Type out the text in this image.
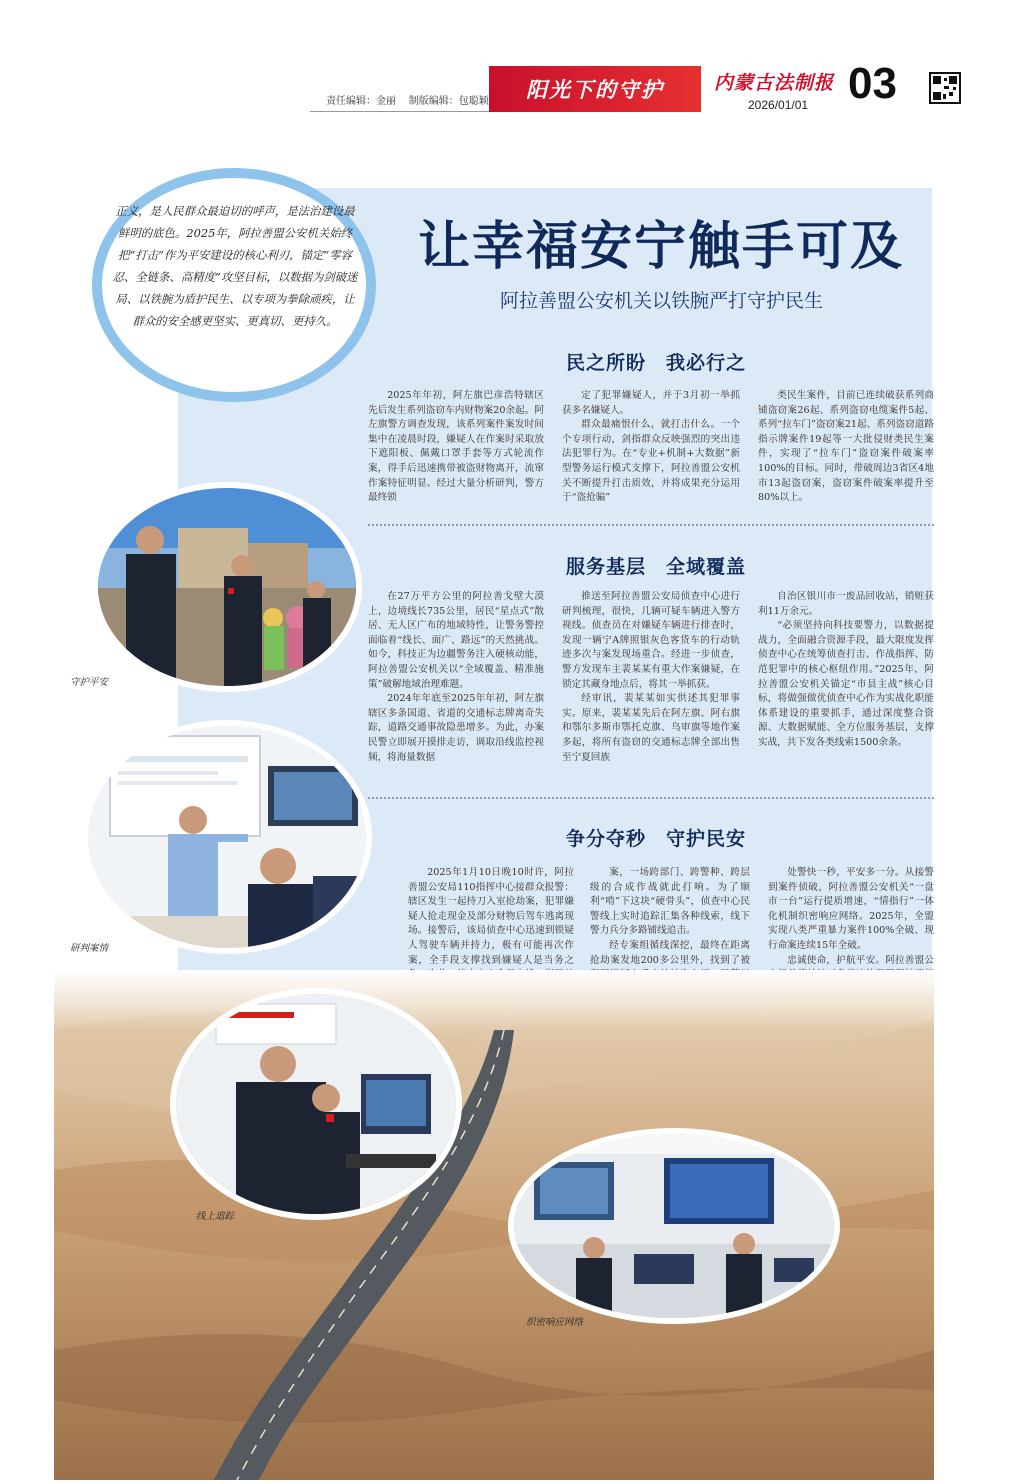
责任编辑：金丽　 制版编辑：包聪颖	阳光下的守护	内蒙古法制报
2026/01/01 03
正义，是人民群众最迫切的呼声，是法治建设最鲜明的底色。2025年，阿拉善盟公安机关始终把“打击”作为平安建设的核心利刃，锚定“零容忍、全链条、高精度”攻坚目标，以数据为剑破迷局、以铁腕为盾护民生、以专项为拳除顽疾，让群众的安全感更坚实、更真切、更持久。
让幸福安宁触手可及
阿拉善盟公安机关以铁腕严打守护民生
民之所盼　我必行之

2025年年初，阿左旗巴彦浩特辖区先后发生系列盗窃车内财物案20余起。阿左旗警方调查发现，该系列案件案发时间集中在凌晨时段，嫌疑人在作案时采取放下遮阳板、佩戴口罩手套等方式轮流作案，得手后迅速携带被盗财物离开，流窜作案特征明显。经过大量分析研判，警方最终锁

定了犯罪嫌疑人，并于3月初一举抓获多名嫌疑人。

群众最痛恨什么，就打击什么。一个个专项行动，剑指群众反映强烈的突出违法犯罪行为。在“专业+机制+大数据”新型警务运行模式支撑下，阿拉善盟公安机关不断提升打击质效，并将成果充分运用于“盗抢骗”

类民生案件，目前已连续破获系列商铺盗窃案26起、系列盗窃电缆案件5起、系列“拉车门”盗窃案21起、系列盗窃道路指示牌案件19起等一大批侵财类民生案件，实现了“拉车门”盗窃案件破案率100%的目标。同时，带破周边3省区4地市13起盗窃案，盗窃案件破案率提升至80%以上。

服务基层　全域覆盖

在27万平方公里的阿拉善戈壁大漠上，边境线长735公里，居民“星点式”散居、无人区广布的地域特性，让警务警控面临着“线长、面广、路远”的天然挑战。如今，科技正为边疆警务注入硬核动能，阿拉善盟公安机关以“全域覆盖、精准施策”破解地域治理难题。

2024年年底至2025年年初，阿左旗辖区多条国道、省道的交通标志牌离奇失踪，道路交通事故隐患增多。为此，办案民警立即展开摸排走访，调取沿线监控视频，将海量数据

推送至阿拉善盟公安局侦查中心进行研判梳理，很快，几辆可疑车辆进入警方视线。侦查员在对嫌疑车辆进行排查时，发现一辆宁A牌照银灰色客货车的行动轨迹多次与案发现场重合。经进一步侦查，警方发现车主裴某某有重大作案嫌疑，在锁定其藏身地点后，将其一举抓获。

经审讯，裴某某如实供述其犯罪事实。原来，裴某某先后在阿左旗、阿右旗和鄂尔多斯市鄂托克旗、乌审旗等地作案多起，将所有盗窃的交通标志牌全部出售至宁夏回族

自治区银川市一废品回收站，销赃获利11万余元。

“必须坚持向科技要警力，以数据提战力，全面融合资源手段，最大限度发挥侦查中心在统筹侦查打击、作战指挥、防范犯罪中的核心枢纽作用。”2025年，阿拉善盟公安机关锚定“市县主战”核心目标，将做强做优侦查中心作为实战化职能体系建设的重要抓手，通过深度整合资源、大数据赋能、全方位服务基层，支撑实战，共下发各类线索1500余条。

争分夺秒　守护民安

2025年1月10日晚10时许，阿拉善盟公安局110指挥中心接群众报警：辖区发生一起持刀入室抢劫案，犯罪嫌疑人抢走现金及部分财物后驾车逃离现场。接警后，该局侦查中心迅速到锁疑人驾驶车辆并持力，极有可能再次作案，全手段支撑找到嫌疑人是当务之

案，一场跨部门、跨警种、跨层级的合成作战就此打响。为了顺利“啃”下这块“硬骨头”，侦查中心民警线上实时追踪汇集各种线索，线下警力兵分多路铺线追击。

经专案组循线深挖，最终在距离抢劫案发地200多公里外，找到了被

处警快一秒，平安多一分。从接警到案件侦破，阿拉善盟公安机关“一盘市一台”运行提质增速，“情指行”一体化机制织密响应网络。2025年，全盟实现八类严重暴力案件100%全破、现行命案连续15年全破。

忠诚使命，护航平安。阿拉善盟公

守护平安
研判案情
线上追踪
织密响应网络
